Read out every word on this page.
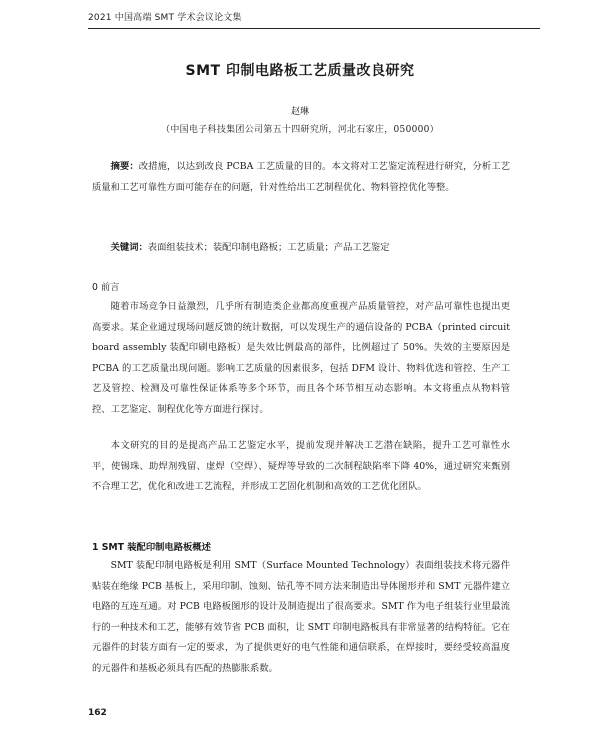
2021 中国高端 SMT 学术会议论文集
SMT 印制电路板工艺质量改良研究
赵琳
（中国电子科技集团公司第五十四研究所，河北石家庄，050000）
摘要：改措施，以达到改良 PCBA 工艺质量的目的。本文将对工艺鉴定流程进行研究，分析工艺质量和工艺可靠性方面可能存在的问题，针对性给出工艺制程优化、物料管控优化等整。
关键词：表面组装技术；装配印制电路板；工艺质量；产品工艺鉴定
0 前言

随着市场竞争日益激烈，几乎所有制造类企业都高度重视产品质量管控，对产品可靠性也提出更高要求。某企业通过现场问题反馈的统计数据，可以发现生产的通信设备的 PCBA（printed circuit board assembly 装配印刷电路板）是失效比例最高的部件，比例超过了 50%。失效的主要原因是 PCBA 的工艺质量出现问题。影响工艺质量的因素很多，包括 DFM 设计、物料优选和管控、生产工艺及管控、检测及可靠性保证体系等多个环节，而且各个环节相互动态影响。本文将重点从物料管控、工艺鉴定、制程优化等方面进行探讨。

本文研究的目的是提高产品工艺鉴定水平，提前发现并解决工艺潜在缺陷，提升工艺可靠性水平，使锡珠、助焊剂残留、虚焊（空焊）、疑焊等导致的二次制程缺陷率下降 40%，通过研究来甄别不合理工艺，优化和改进工艺流程，并形成工艺固化机制和高效的工艺优化团队。

1 SMT 装配印制电路板概述

SMT 装配印制电路板是利用 SMT（Surface Mounted Technology）表面组装技术将元器件贴装在绝缘 PCB 基板上，采用印制、蚀刻、钻孔等不同方法来制造出导体图形并和 SMT 元器件建立电路的互连互通。对 PCB 电路板图形的设计及制造提出了很高要求。SMT 作为电子组装行业里最流行的一种技术和工艺，能够有效节省 PCB 面积，让 SMT 印制电路板具有非常显著的结构特征。它在元器件的封装方面有一定的要求，为了提供更好的电气性能和通信联系，在焊接时，要经受较高温度的元器件和基板必须具有匹配的热膨胀系数。

162
